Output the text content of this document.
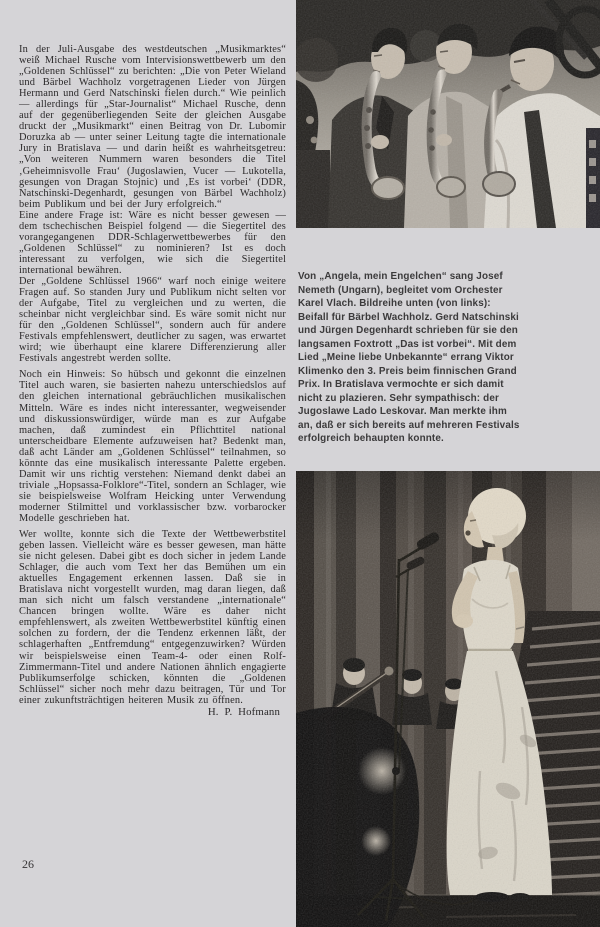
In der Juli-Ausgabe des westdeutschen „Musikmarktes“ weiß Michael Rusche vom Intervisionswettbewerb um den „Goldenen Schlüssel“ zu berichten: „Die von Peter Wieland und Bärbel Wachholz vorgetragenen Lieder von Jürgen Hermann und Gerd Natschinski fielen durch.“ Wie peinlich — allerdings für „Star-Journalist“ Michael Rusche, denn auf der gegenüberliegenden Seite der gleichen Ausgabe druckt der „Musikmarkt“ einen Beitrag von Dr. Lubomir Doruzka ab — unter seiner Leitung tagte die internationale Jury in Bratislava — und darin heißt es wahrheitsgetreu: „Von weiteren Nummern waren besonders die Titel ‚Geheimnisvolle Frau‘ (Jugoslawien, Vucer — Lukotella, gesungen von Dragan Stojnic) und ‚Es ist vorbei‘ (DDR, Natschinski-Degenhardt, gesungen von Bärbel Wachholz) beim Publikum und bei der Jury erfolgreich.“

Eine andere Frage ist: Wäre es nicht besser gewesen — dem tschechischen Beispiel folgend — die Siegertitel des vorangegangenen DDR-Schlagerwettbewerbes für den „Goldenen Schlüssel“ zu nominieren? Ist es doch interessant zu verfolgen, wie sich die Siegertitel international bewähren.

Der „Goldene Schlüssel 1966“ warf noch einige weitere Fragen auf. So standen Jury und Publikum nicht selten vor der Aufgabe, Titel zu vergleichen und zu werten, die scheinbar nicht vergleichbar sind. Es wäre somit nicht nur für den „Goldenen Schlüssel“, sondern auch für andere Festivals empfehlenswert, deutlicher zu sagen, was erwartet wird; wie überhaupt eine klarere Differenzierung aller Festivals angestrebt werden sollte.

Noch ein Hinweis: So hübsch und gekonnt die einzelnen Titel auch waren, sie basierten nahezu unterschiedslos auf den gleichen international gebräuchlichen musikalischen Mitteln. Wäre es indes nicht interessanter, wegweisender und diskussionswürdiger, würde man es zur Aufgabe machen, daß zumindest ein Pflichttitel national unterscheidbare Elemente aufzuweisen hat? Bedenkt man, daß acht Länder am „Goldenen Schlüssel“ teilnahmen, so könnte das eine musikalisch interessante Palette ergeben. Damit wir uns richtig verstehen: Niemand denkt dabei an triviale „Hopsassa-Folklore“-Titel, sondern an Schlager, wie sie beispielsweise Wolfram Heicking unter Verwendung moderner Stilmittel und vorklassischer bzw. vorbarocker Modelle geschrieben hat.

Wer wollte, konnte sich die Texte der Wettbewerbstitel geben lassen. Vielleicht wäre es besser gewesen, man hätte sie nicht gelesen. Dabei gibt es doch sicher in jedem Lande Schlager, die auch vom Text her das Bemühen um ein aktuelles Engagement erkennen lassen. Daß sie in Bratislava nicht vorgestellt wurden, mag daran liegen, daß man sich nicht um falsch verstandene „internationale“ Chancen bringen wollte. Wäre es daher nicht empfehlenswert, als zweiten Wettbewerbstitel künftig einen solchen zu fordern, der die Tendenz erkennen läßt, der schlagerhaften „Entfremdung“ entgegenzuwirken? Würden wir beispielsweise einen Team-4- oder einen Rolf-Zimmermann-Titel und andere Nationen ähnlich engagierte Publikumserfolge schicken, könnten die „Goldenen Schlüssel“ sicher noch mehr dazu beitragen, Tür und Tor einer zukunftsträchtigen heiteren Musik zu öffnen.

H. P. Hofmann
26
Von „Angela, mein Engelchen“ sang Josef Nemeth (Ungarn), begleitet vom Orchester Karel Vlach. Bildreihe unten (von links): Beifall für Bärbel Wachholz. Gerd Natschinski und Jürgen Degenhardt schrieben für sie den langsamen Foxtrott „Das ist vorbei“. Mit dem Lied „Meine liebe Unbekannte“ errang Viktor Klimenko den 3. Preis beim finnischen Grand Prix. In Bratislava vermochte er sich damit nicht zu plazieren. Sehr sympathisch: der Jugoslawe Lado Leskovar. Man merkte ihm an, daß er sich bereits auf mehreren Festivals erfolgreich behaupten konnte.
